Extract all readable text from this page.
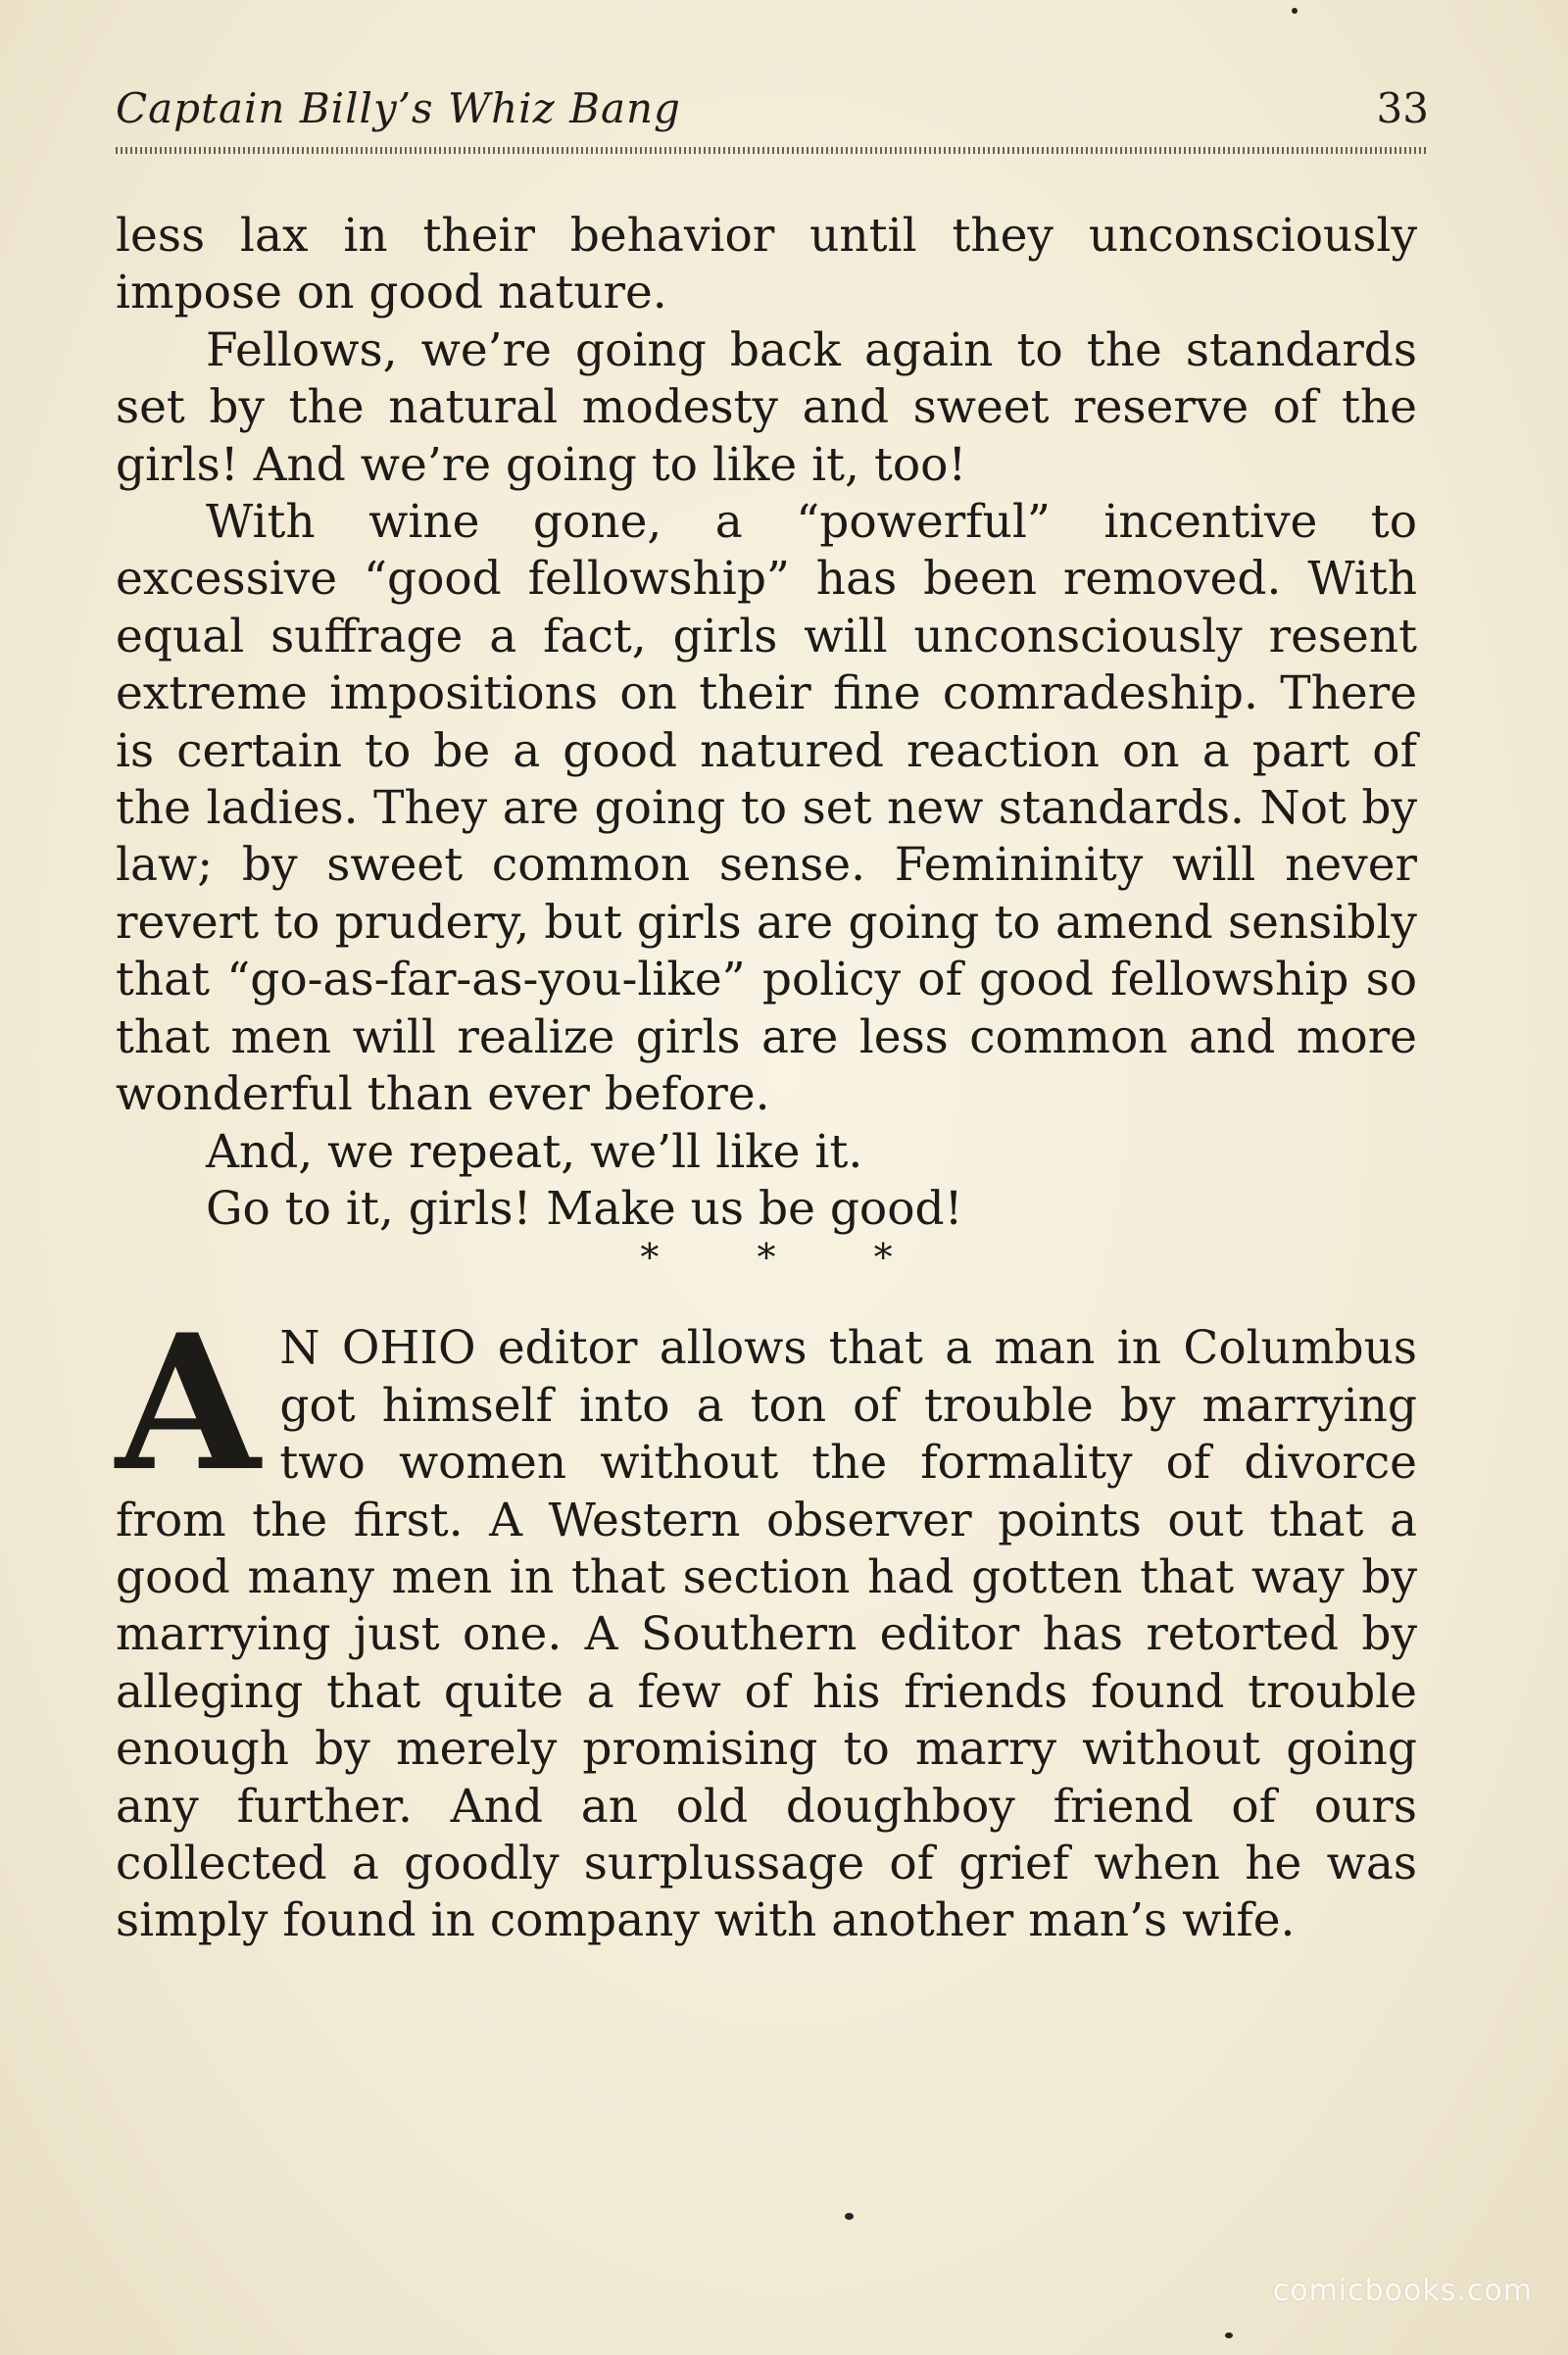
Captain Billy’s Whiz Bang	33

less lax in their behavior until they unconsciously impose on good nature.

Fellows, we’re going back again to the standards set by the natural modesty and sweet reserve of the girls! And we’re going to like it, too!

With wine gone, a “powerful” incentive to excessive “good fellowship” has been removed. With equal suffrage a fact, girls will unconsciously resent extreme impositions on their fine comradeship. There is certain to be a good natured reaction on a part of the ladies. They are going to set new standards. Not by law; by sweet common sense. Femininity will never revert to prudery, but girls are going to amend sensibly that “go-as-far-as-you-like” policy of good fellowship so that men will realize girls are less common and more wonderful than ever before.

And, we repeat, we’ll like it.

Go to it, girls! Make us be good!

* * *

A N OHIO editor allows that a man in Columbus got himself into a ton of trouble by marrying two women without the formality of divorce from the first. A Western observer points out that a good many men in that section had gotten that way by marrying just one. A Southern editor has retorted by alleging that quite a few of his friends found trouble enough by merely promising to marry without going any further. And an old doughboy friend of ours collected a goodly surplussage of grief when he was simply found in company with another man’s wife.

comicbooks.com
